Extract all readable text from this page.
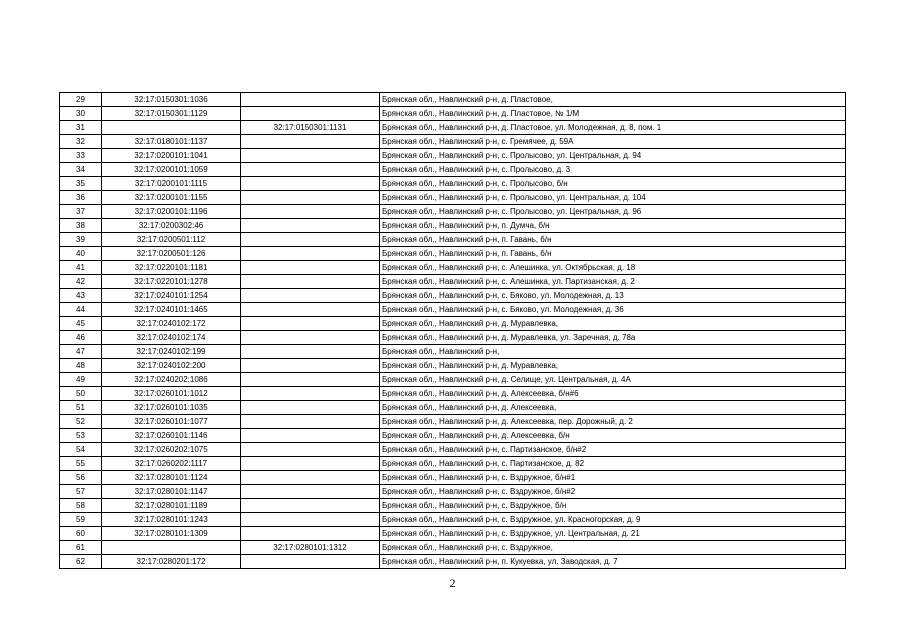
29	32:17:0150301:1036		Брянская обл., Навлинский р-н, д. Пластовое,
30	32:17:0150301:1129		Брянская обл., Навлинский р-н, д. Пластовое, № 1/М
31		32:17:0150301:1131	Брянская обл., Навлинский р-н, д. Пластовое, ул. Молодежная, д. 8, пом. 1
32	32:17:0180101:1137		Брянская обл., Навлинский р-н, с. Гремячее, д. 59А
33	32:17:0200101:1041		Брянская обл., Навлинский р-н, с. Пролысово, ул. Центральная, д. 94
34	32:17:0200101:1059		Брянская обл., Навлинский р-н, с. Пролысово, д. 3
35	32:17:0200101:1115		Брянская обл., Навлинский р-н, с. Пролысово, б/н
36	32:17:0200101:1155		Брянская обл., Навлинский р-н, с. Пролысово, ул. Центральная, д. 104
37	32:17:0200101:1196		Брянская обл., Навлинский р-н, с. Пролысово, ул. Центральная, д. 96
38	32:17:0200302:46		Брянская обл., Навлинский р-н, п. Думча, б/н
39	32:17:0200501:112		Брянская обл., Навлинский р-н, п. Гавань, б/н
40	32:17:0200501:126		Брянская обл., Навлинский р-н, п. Гавань, б/н
41	32:17:0220101:1181		Брянская обл., Навлинский р-н, с. Алешинка, ул. Октябрьская, д. 18
42	32:17:0220101:1278		Брянская обл., Навлинский р-н, с. Алешинка, ул. Партизанская, д. 2
43	32:17:0240101:1254		Брянская обл., Навлинский р-н, с. Бяково, ул. Молодежная, д. 13
44	32:17:0240101:1465		Брянская обл., Навлинский р-н, с. Бяково, ул. Молодежная, д. 36
45	32:17:0240102:172		Брянская обл., Навлинский р-н, д. Муравлевка,
46	32:17:0240102:174		Брянская обл., Навлинский р-н, д. Муравлевка, ул. Заречная, д. 78а
47	32:17:0240102:199		Брянская обл., Навлинский р-н,
48	32:17:0240102:200		Брянская обл., Навлинский р-н, д. Муравлевка,
49	32:17:0240202:1086		Брянская обл., Навлинский р-н, д. Селище, ул. Центральная, д. 4А
50	32:17:0260101:1012		Брянская обл., Навлинский р-н, д. Алексеевка, б/н#6
51	32:17:0260101:1035		Брянская обл., Навлинский р-н, д. Алексеевка,
52	32:17:0260101:1077		Брянская обл., Навлинский р-н, д. Алексеевка, пер. Дорожный, д. 2
53	32:17:0260101:1146		Брянская обл., Навлинский р-н, д. Алексеевка, б/н
54	32:17:0260202:1075		Брянская обл., Навлинский р-н, с. Партизанское, б/н#2
55	32:17:0260202:1117		Брянская обл., Навлинский р-н, с. Партизанское, д. 82
56	32:17:0280101:1124		Брянская обл., Навлинский р-н, с. Вздружное, б/н#1
57	32:17:0280101:1147		Брянская обл., Навлинский р-н, с. Вздружное, б/н#2
58	32:17:0280101:1189		Брянская обл., Навлинский р-н, с. Вздружное, б/н
59	32:17:0280101:1243		Брянская обл., Навлинский р-н, с. Вздружное, ул. Красногорская, д. 9
60	32:17:0280101:1309		Брянская обл., Навлинский р-н, с. Вздружное, ул. Центральная, д. 21
61		32:17:0280101:1312	Брянская обл., Навлинский р-н, с. Вздружное,
62	32:17:0280201:172		Брянская обл., Навлинский р-н, п. Кукуевка, ул. Заводская, д. 7
2
